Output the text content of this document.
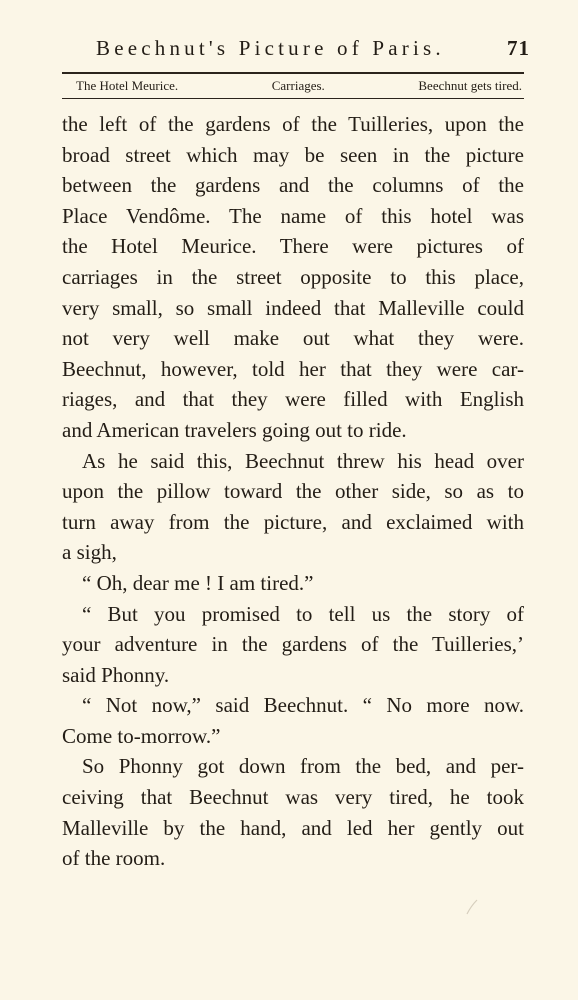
Beechnut's Picture of Paris.	71
The Hotel Meurice.	Carriages.	Beechnut gets tired.
the left of the gardens of the Tuilleries, upon the
broad street which may be seen in the picture
between the gardens and the columns of the
Place Vendôme. The name of this hotel was
the Hotel Meurice. There were pictures of
carriages in the street opposite to this place,
very small, so small indeed that Malleville could
not very well make out what they were.
Beechnut, however, told her that they were car-
riages, and that they were filled with English
and American travelers going out to ride.
As he said this, Beechnut threw his head over
upon the pillow toward the other side, so as to
turn away from the picture, and exclaimed with
a sigh,
“ Oh, dear me ! I am tired.”
“ But you promised to tell us the story of
your adventure in the gardens of the Tuilleries,’
said Phonny.
“ Not now,” said Beechnut. “ No more now.
Come to-morrow.”
So Phonny got down from the bed, and per-
ceiving that Beechnut was very tired, he took
Malleville by the hand, and led her gently out
of the room.
